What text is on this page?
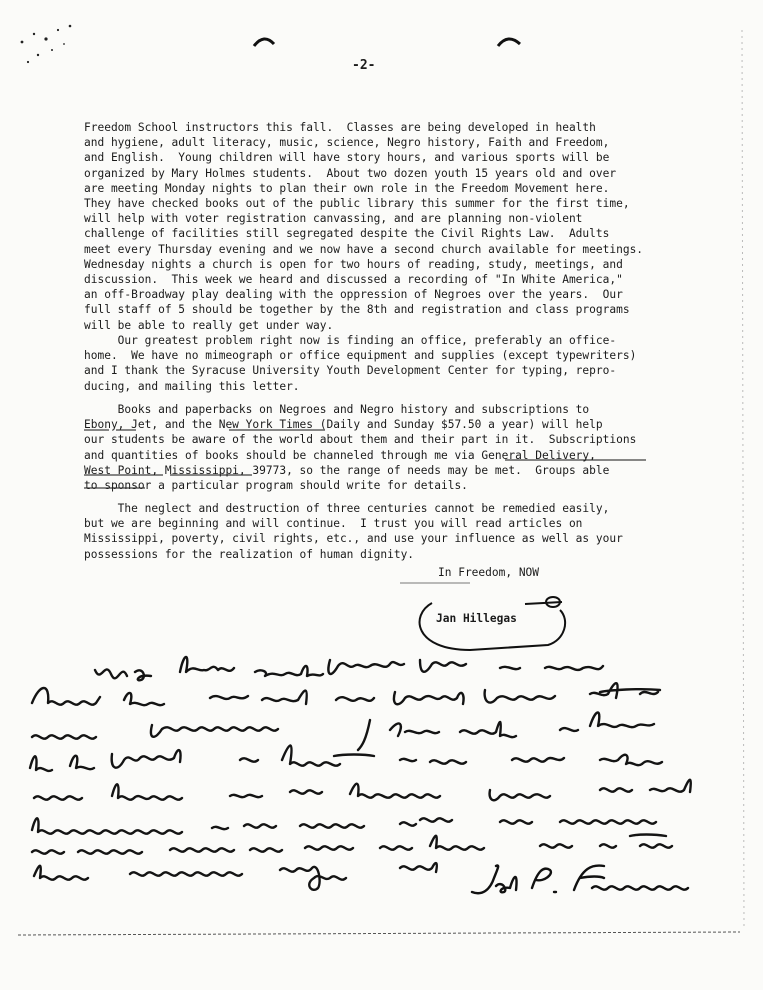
-2-

Freedom School instructors this fall.  Classes are being developed in health
and hygiene, adult literacy, music, science, Negro history, Faith and Freedom,
and English.  Young children will have story hours, and various sports will be
organized by Mary Holmes students.  About two dozen youth 15 years old and over
are meeting Monday nights to plan their own role in the Freedom Movement here.
They have checked books out of the public library this summer for the first time,
will help with voter registration canvassing, and are planning non-violent
challenge of facilities still segregated despite the Civil Rights Law.  Adults
meet every Thursday evening and we now have a second church available for meetings.
Wednesday nights a church is open for two hours of reading, study, meetings, and
discussion.  This week we heard and discussed a recording of "In White America,"
an off-Broadway play dealing with the oppression of Negroes over the years.  Our
full staff of 5 should be together by the 8th and registration and class programs
will be able to really get under way.

Our greatest problem right now is finding an office, preferably an office-
home.  We have no mimeograph or office equipment and supplies (except typewriters)
and I thank the Syracuse University Youth Development Center for typing, repro-
ducing, and mailing this letter.

Books and paperbacks on Negroes and Negro history and subscriptions to
Ebony, Jet, and the New York Times (Daily and Sunday $57.50 a year) will help
our students be aware of the world about them and their part in it.  Subscriptions
and quantities of books should be channeled through me via General Delivery,
West Point, Mississippi, 39773, so the range of needs may be met.  Groups able
to sponsor a particular program should write for details.

The neglect and destruction of three centuries cannot be remedied easily,
but we are beginning and will continue.  I trust you will read articles on
Mississippi, poverty, civil rights, etc., and use your influence as well as your
possessions for the realization of human dignity.

In Freedom, NOW
Jan Hillegas
